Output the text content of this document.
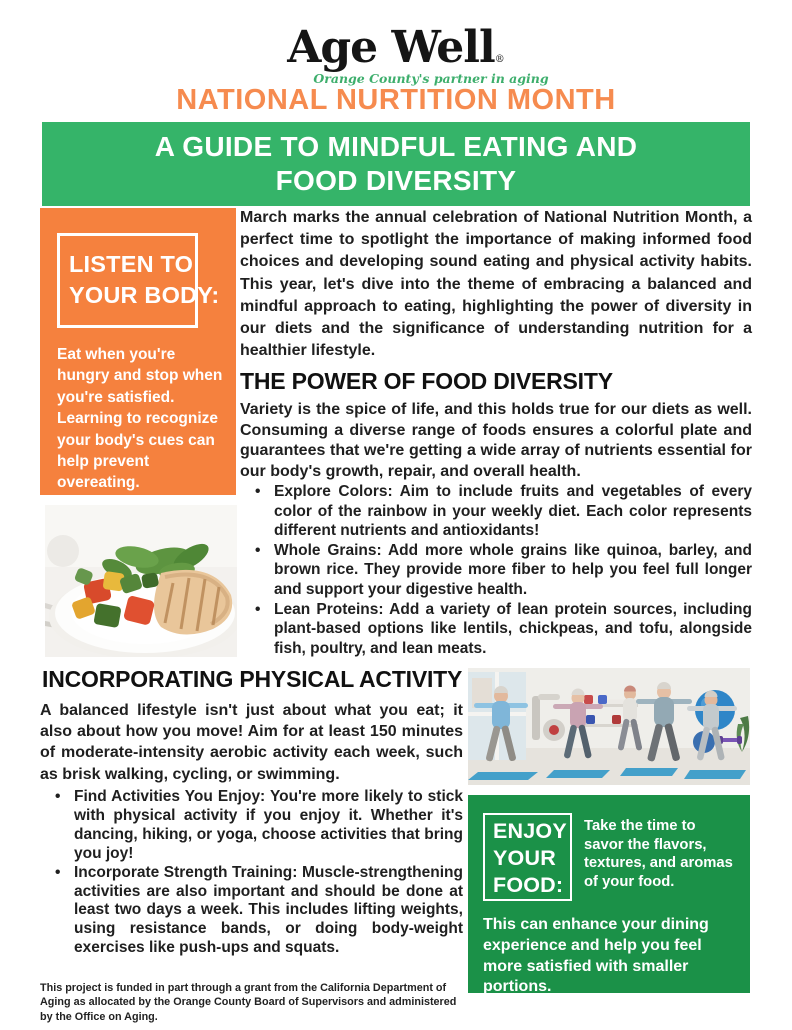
Age Well®
Orange County's partner in aging
NATIONAL NURTITION MONTH
A GUIDE TO MINDFUL EATING AND
FOOD DIVERSITY
LISTEN TO
YOUR BODY:
Eat when you're hungry and stop when you're satisfied. Learning to recognize your body's cues can help prevent overeating.

March marks the annual celebration of National Nutrition Month, a perfect time to spotlight the importance of making informed food choices and developing sound eating and physical activity habits. This year, let's dive into the theme of embracing a balanced and mindful approach to eating, highlighting the power of diversity in our diets and the significance of understanding nutrition for a healthier lifestyle.

THE POWER OF FOOD DIVERSITY

Variety is the spice of life, and this holds true for our diets as well. Consuming a diverse range of foods ensures a colorful plate and guarantees that we're getting a wide array of nutrients essential for our body's growth, repair, and overall health.

• Explore Colors: Aim to include fruits and vegetables of every color of the rainbow in your weekly diet. Each color represents different nutrients and antioxidants!
• Whole Grains: Add more whole grains like quinoa, barley, and brown rice. They provide more fiber to help you feel full longer and support your digestive health.
• Lean Proteins: Add a variety of lean protein sources, including plant-based options like lentils, chickpeas, and tofu, alongside fish, poultry, and lean meats.
INCORPORATING PHYSICAL ACTIVITY

A balanced lifestyle isn't just about what you eat; it also about how you move! Aim for at least 150 minutes of moderate-intensity aerobic activity each week, such as brisk walking, cycling, or swimming.

• Find Activities You Enjoy: You're more likely to stick with physical activity if you enjoy it. Whether it's dancing, hiking, or yoga, choose activities that bring you joy!
• Incorporate Strength Training: Muscle-strengthening activities are also important and should be done at least two days a week. This includes lifting weights, using resistance bands, or doing body-weight exercises like push-ups and squats.
ENJOY
YOUR
FOOD:
Take the time to savor the flavors, textures, and aromas of your food.
This can enhance your dining experience and help you feel more satisfied with smaller portions.

This project is funded in part through a grant from the California Department of Aging as allocated by the Orange County Board of Supervisors and administered by the Office on Aging.
